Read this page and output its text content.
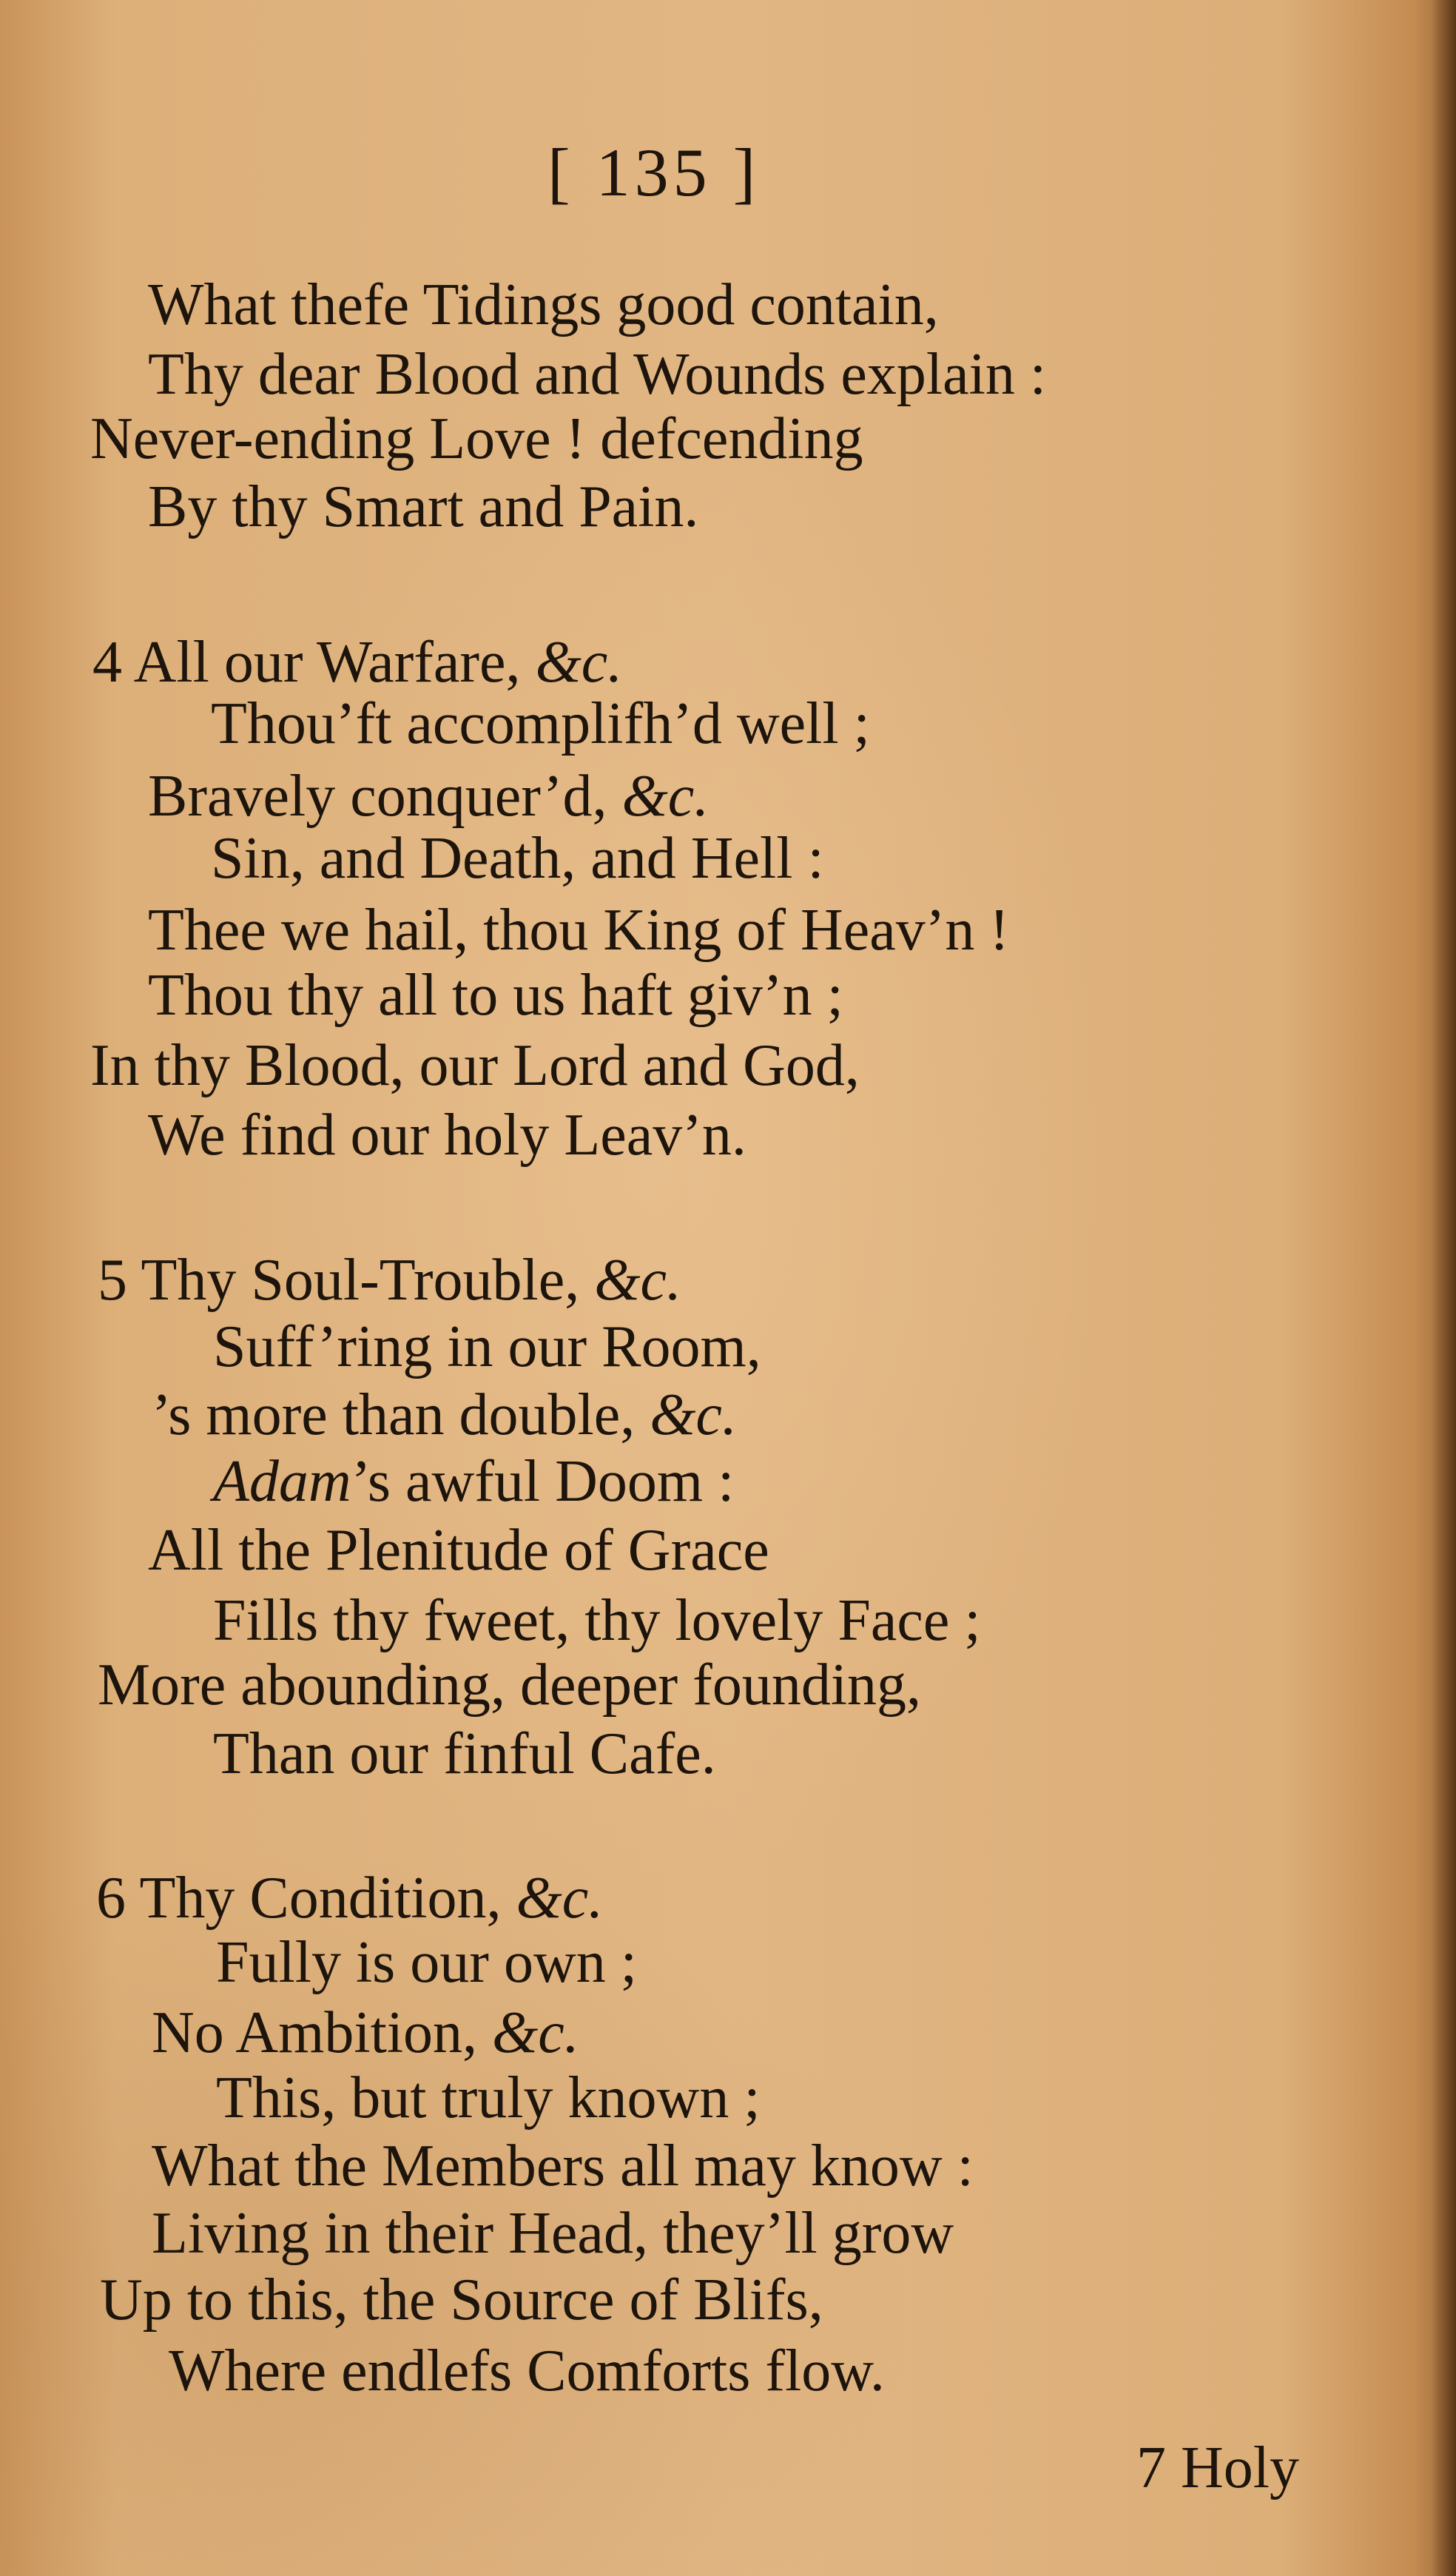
[ 135 ]
What thefe Tidings good contain,
Thy dear Blood and Wounds explain :
Never-ending Love ! defcending
By thy Smart and Pain.
4 All our Warfare, &c.
Thou’ft accomplifh’d well ;
Bravely conquer’d, &c.
Sin, and Death, and Hell :
Thee we hail, thou King of Heav’n !
Thou thy all to us haft giv’n ;
In thy Blood, our Lord and God,
We find our holy Leav’n.
5 Thy Soul-Trouble, &c.
Suff’ring in our Room,
’s more than double, &c.
Adam’s awful Doom :
All the Plenitude of Grace
Fills thy fweet, thy lovely Face ;
More abounding, deeper founding,
Than our finful Cafe.
6 Thy Condition, &c.
Fully is our own ;
No Ambition, &c.
This, but truly known ;
What the Members all may know :
Living in their Head, they’ll grow
Up to this, the Source of Blifs,
Where endlefs Comforts flow.
7 Holy
